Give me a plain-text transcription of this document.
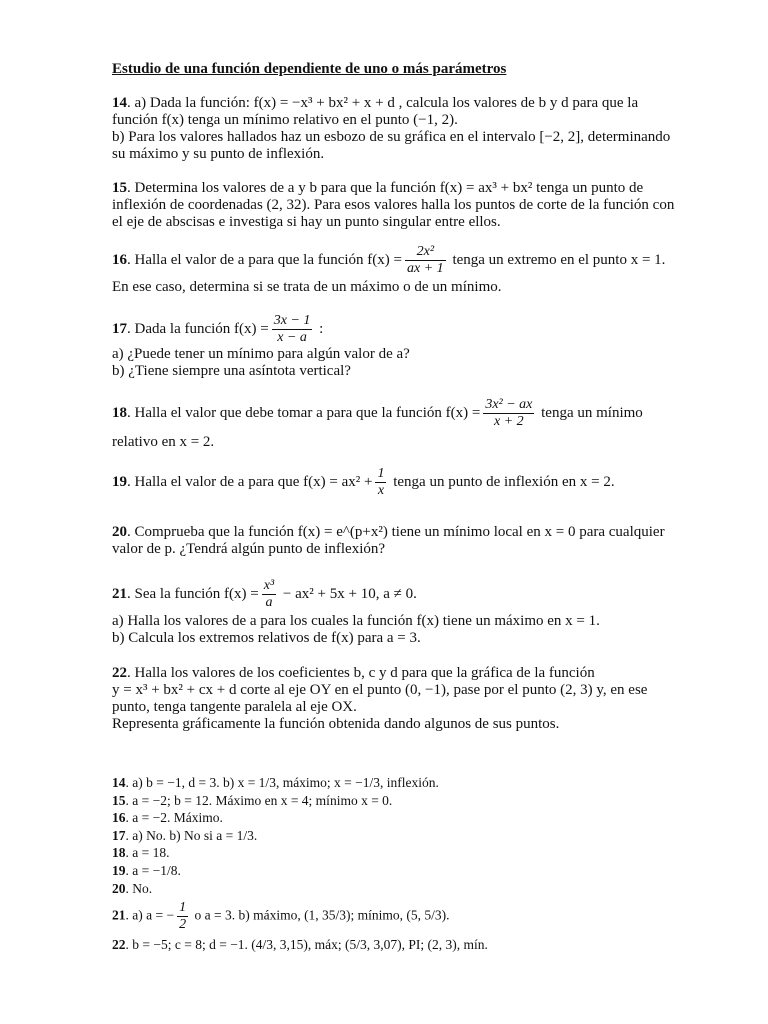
Estudio de una función dependiente de uno o más parámetros
14. a) Dada la función: f(x) = −x³ + bx² + x + d , calcula los valores de b y d para que la
función f(x) tenga un mínimo relativo en el punto (−1, 2).
b) Para los valores hallados haz un esbozo de su gráfica en el intervalo [−2, 2], determinando
su máximo y su punto de inflexión.
15. Determina los valores de a y b para que la función f(x) = ax³ + bx² tenga un punto de
inflexión de coordenadas (2, 32). Para esos valores halla los puntos de corte de la función con
el eje de abscisas e investiga si hay un punto singular entre ellos.
16. Halla el valor de a para que la función $f(x) = \frac{\text{2x²}}{ax + 1}$ tenga un extremo en el punto x = 1.
En ese caso, determina si se trata de un máximo o de un mínimo.
17. Dada la función $f(x) = \frac{3x - 1}{x - a}$ :
a) ¿Puede tener un mínimo para algún valor de a?
b) ¿Tiene siempre una asíntota vertical?
18. Halla el valor que debe tomar a para que la función $f(x) = \frac{\text{3x² − ax}}{x + 2}$ tenga un mínimo
relativo en x = 2.
19. Halla el valor de a para que $f(x) = ax^2 + \frac{1}{x}$ tenga un punto de inflexión en x = 2.
20. Comprueba que la función f(x) = e^(p+x²) tiene un mínimo local en x = 0 para cualquier
valor de p. ¿Tendrá algún punto de inflexión?
21. Sea la función $f(x) = \frac{\text{x³}}{a} - ax^2 + 5x + 10$, a ≠ 0.
a) Halla los valores de a para los cuales la función f(x) tiene un máximo en x = 1.
b) Calcula los extremos relativos de f(x) para a = 3.
22. Halla los valores de los coeficientes b, c y d para que la gráfica de la función
y = x³ + bx² + cx + d corte al eje OY en el punto (0, −1), pase por el punto (2, 3) y, en ese
punto, tenga tangente paralela al eje OX.
Representa gráficamente la función obtenida dando algunos de sus puntos.
14. a) b = −1, d = 3. b) x = 1/3, máximo; x = −1/3, inflexión.
15. a = −2; b = 12. Máximo en x = 4; mínimo x = 0.
16. a = −2. Máximo.
17. a) No. b) No si a = 1/3.
18. a = 18.
19. a = −1/8.
20. No.
21. a) a = − $\frac{1}{2}$ o a = 3. b) máximo, (1, 35/3); mínimo, (5, 5/3).
22. b = −5; c = 8; d = −1. (4/3, 3,15), máx; (5/3, 3,07), PI; (2, 3), mín.
